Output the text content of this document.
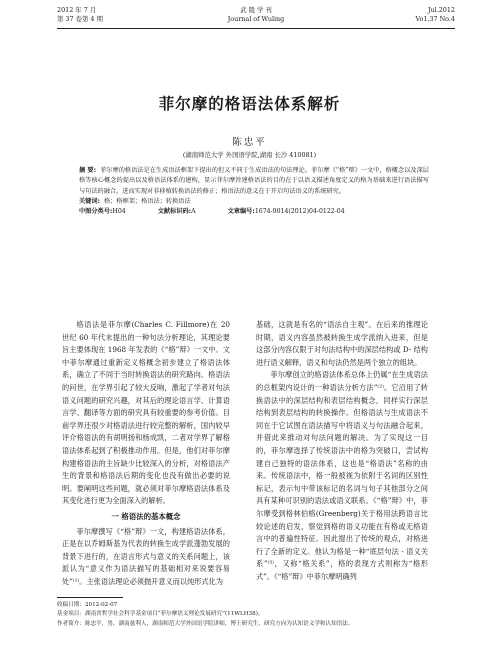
2012 年 7 月
第 37 卷第 4 期
武 陵 学 刊
Journal of Wuling
Jul.2012
Vo1.37 No.4
菲尔摩的格语法体系解析
陈忠平
(湖南师范大学 外国语学院,湖南 长沙 410081)
摘 要: 菲尔摩的格语法是在生成语法框架下提出的但又不同于生成语法的句法理论。菲尔摩《“格”辩》一文中，格概念以及深层格等核心概念的提出以及格语法体系的建构，显示菲尔摩旨建格语法的目的在于以语义描述角度定义的格为基础来进行语法描写与句法的融合，进而实现对非移植转换语法的修正；格语法的意义在于开启句法语义的系统研究。
关键词: 格；格框架；格语法；转换语法
中图分类号:H04	文献标识码:A	文章编号:1674-9014(2012)04-0122-04

格语法是菲尔摩(Charles C. Fillmore)在 20 世纪 60 年代末提出的一种句法分析理论，其理论要旨主要体现在 1968 年发表的《“格”辩》一文中。文中菲尔摩通过重新定义格概念初步建立了格语法体系，确立了不同于当时转换语法的研究路向。格语法的问世，在学界引起了较大反响，激起了学者对句法语义问题的研究兴趣，对其后的理论语言学、计算语言学、翻译等方面的研究具有较重要的参考价值。目前学界还很少对格语法进行较完整的解析，国内较早评介格语法的有胡明扬和杨成凯，二者对学界了解格语法体系起到了积极推动作用。但是，他们对菲尔摩构建格语法的主旨缺少比较深入的分析，对格语法产生的背景和格语法后期的变化也没有做出必要的说明。要阐明这些问题，就必须对菲尔摩格语法体系及其变化进行更为全面深入的解析。

一 格语法的基本概念

菲尔摩撰写《“格”辩》一文，构建格语法体系，正是在以乔姆斯基为代表的转换生成学派蓬勃发展的背景下进行的，在语言形式与意义的关系问题上，该派认为“意义作为语法描写的基础相对来说要容易处”⁽¹⁾。主张语法理论必须抛开意义而以纯形式化为

基础，这就是有名的“语法自主观”。在后来的推理论时期，语义内容虽然被转换生成学派纳入进来，但是这部分内容仅限于对句法结构中的深层结构或 D- 结构进行语义解释，语义和句法仍然是两个独立的组块。

菲尔摩创立的格语法体系总体上仍属“在生成语法的总框架内设计的一种语法分析方法”⁽²⁾。它沿用了转换语法中的深层结构和表层结构概念，同样实行深层结构到表层结构的转换操作。但格语法与生成语法不同在于它试图在语法描写中将语义与句法融合起来，并借此来推动对句法问题的解决。为了实现这一目的，菲尔摩选择了传统语法中的格为突破口，尝试构建自己独特的语法体系，这也是“格语法”名称的由来。传统语法中，格一般被视为依附于名词的区别性标记，表示句中带该标记的名词与句子其他部分之间具有某种可识别的语法或语义联系。《“格”辩》中，菲尔摩受到格林伯格(Greenberg)关于格用法跨语言比较论述的启发，察觉到格的语义功能在有格或无格语言中的普遍性特征。因此提出了传统的观点，对格进行了全新的定义。他认为格是一种“底层句法 - 语义关系”⁽³⁾，又称“格关系”，格的表现方式则称为“格形式”。《“格”辩》中菲尔摩明确列

收稿日期：2012-02-07
基金项目：湖南省哲学社会科学基金项目“菲尔摩语义理论发展研究”(11WLH38)。
作者简介：陈忠平，男，湖南慈利人，湖南师范大学外国语学院讲师，博士研究生，研究方向为认知语义学和认知语法。
